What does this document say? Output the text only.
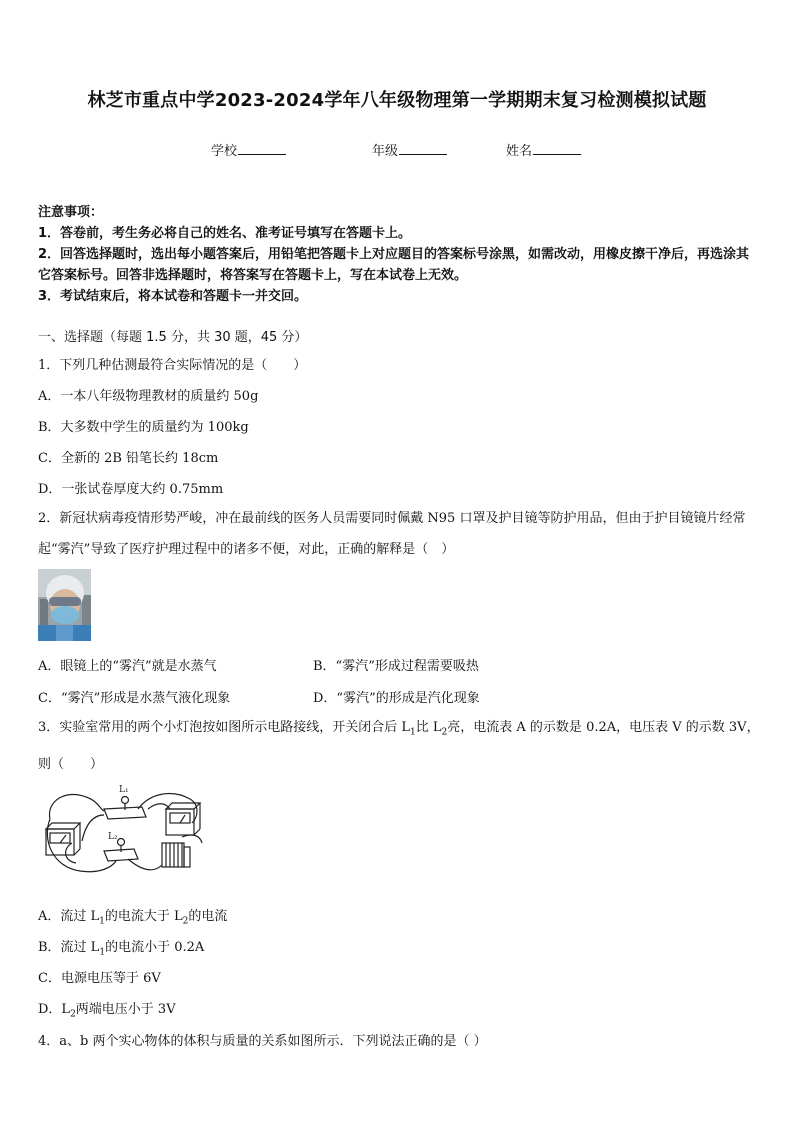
林芝市重点中学2023-2024学年八年级物理第一学期期末复习检测模拟试题
学校	年级	姓名
注意事项：
1．答卷前，考生务必将自己的姓名、准考证号填写在答题卡上。
2．回答选择题时，选出每小题答案后，用铅笔把答题卡上对应题目的答案标号涂黑，如需改动，用橡皮擦干净后，再选涂其它答案标号。回答非选择题时，将答案写在答题卡上，写在本试卷上无效。
3．考试结束后，将本试卷和答题卡一并交回。
一、选择题（每题 1.5 分，共 30 题，45 分）
1．下列几种估测最符合实际情况的是（　　）
A．一本八年级物理教材的质量约 50g
B．大多数中学生的质量约为 100kg
C．全新的 2B 铅笔长约 18cm
D．一张试卷厚度大约 0.75mm
2．新冠状病毒疫情形势严峻，冲在最前线的医务人员需要同时佩戴 N95 口罩及护目镜等防护用品，但由于护目镜镜片经常起“雾汽”导致了医疗护理过程中的诸多不便，对此，正确的解释是（　）
A．眼镜上的“雾汽”就是水蒸气	B．“雾汽”形成过程需要吸热
C．“雾汽”形成是水蒸气液化现象	D．“雾汽”的形成是汽化现象
3．实验室常用的两个小灯泡按如图所示电路接线，开关闭合后 $L_1$比 $L_2$亮，电流表 A 的示数是 0.2A，电压表 V 的示数 3V，则（　　）
L₁
L₂
A．流过 $L_1$的电流大于 $L_2$的电流
B．流过 $L_1$的电流小于 0.2A
C．电源电压等于 6V
D．$L_2$两端电压小于 3V
4．a、b 两个实心物体的体积与质量的关系如图所示．下列说法正确的是（ ）
